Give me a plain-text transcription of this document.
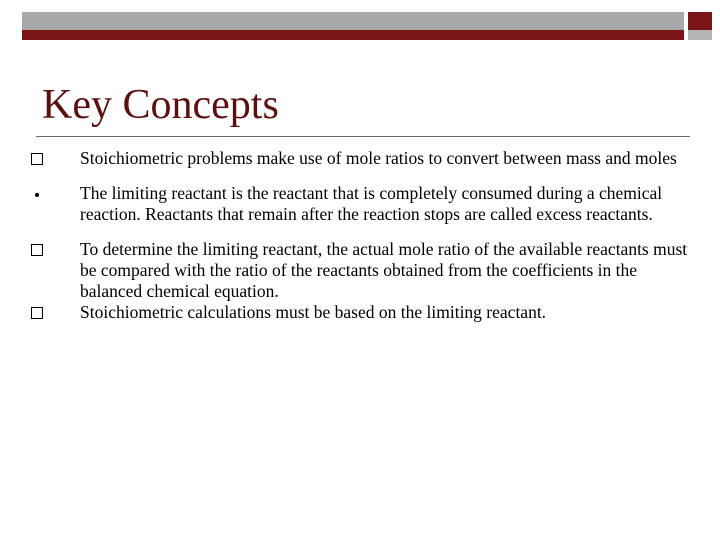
Key Concepts
Stoichiometric problems make use of mole ratios to convert between mass and moles
The limiting reactant is the reactant that is completely consumed during a chemical reaction. Reactants that remain after the reaction stops are called excess reactants.
To determine the limiting reactant, the actual mole ratio of the available reactants must be compared with the ratio of the reactants obtained from the coefficients in the balanced chemical equation.
Stoichiometric calculations must be based on the limiting reactant.
